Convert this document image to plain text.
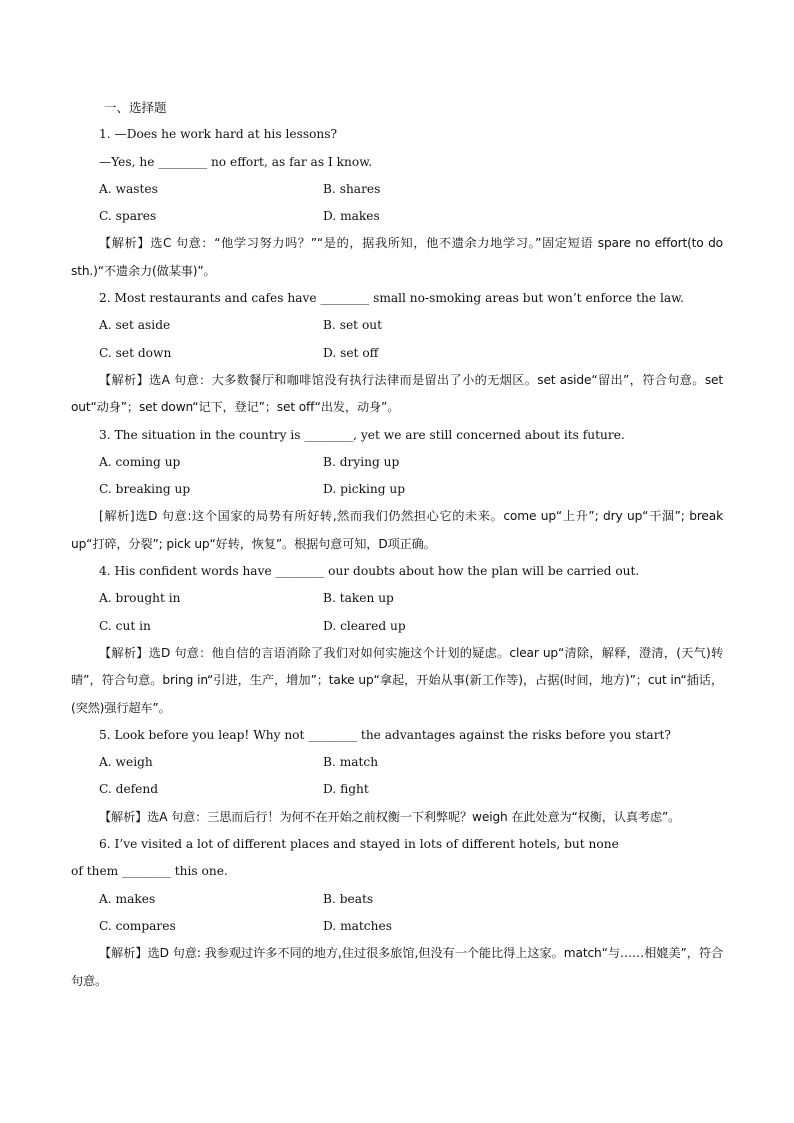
一、选择题
1. —Does he work hard at his lessons?
—Yes, he ________ no effort, as far as I know.
A. wastes	B. shares
C. spares	D. makes
【解析】选C 句意：“他学习努力吗？”“是的，据我所知，他不遗余力地学习。”固定短语 spare no effort(to do sth.)“不遗余力(做某事)”。
2. Most restaurants and cafes have ________ small no-smoking areas but won’t enforce the law.
A. set aside	B. set out
C. set down	D. set off
【解析】选A 句意：大多数餐厅和咖啡馆没有执行法律而是留出了小的无烟区。set aside“留出”，符合句意。set out“动身”；set down“记下，登记”；set off“出发，动身”。
3. The situation in the country is ________, yet we are still concerned about its future.
A. coming up	B. drying up
C. breaking up	D. picking up
[解析]选D 句意:这个国家的局势有所好转,然而我们仍然担心它的未来。come up“上升”; dry up“干涸”; break up“打碎，分裂”; pick up“好转，恢复”。根据句意可知，D项正确。
4. His confident words have ________ our doubts about how the plan will be carried out.
A. brought in	B. taken up
C. cut in	D. cleared up
【解析】选D 句意：他自信的言语消除了我们对如何实施这个计划的疑虑。clear up“清除，解释，澄清，(天气)转晴”，符合句意。bring in“引进，生产，增加”；take up“拿起，开始从事(新工作等)，占据(时间，地方)”；cut in“插话，(突然)强行超车”。
5. Look before you leap! Why not ________ the advantages against the risks before you start?
A. weigh	B. match
C. defend	D. fight
【解析】选A 句意：三思而后行！为何不在开始之前权衡一下利弊呢？weigh 在此处意为“权衡，认真考虑”。
6. I’ve visited a lot of different places and stayed in lots of different hotels, but none
of them ________ this one.
A. makes	B. beats
C. compares	D. matches
【解析】选D 句意: 我参观过许多不同的地方,住过很多旅馆,但没有一个能比得上这家。match“与……相媲美”，符合句意。
